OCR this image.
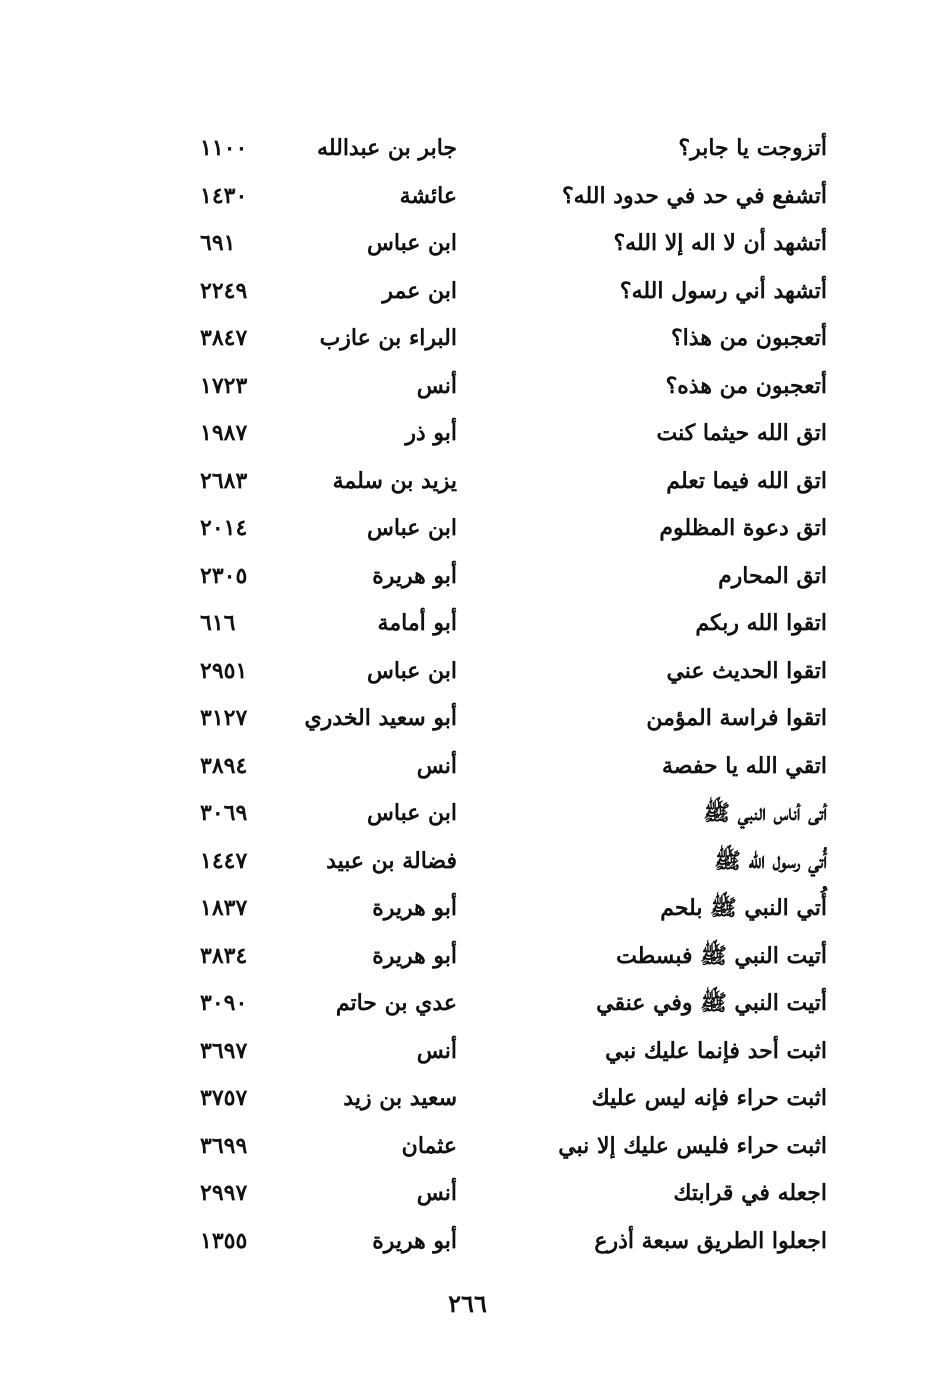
أتزوجت يا جابر؟
جابر بن عبدالله
١١٠٠
أتشفع في حد في حدود الله؟
عائشة
١٤٣٠
أتشهد أن لا اله إلا الله؟
ابن عباس
٦٩١
أتشهد أني رسول الله؟
ابن عمر
٢٢٤٩
أتعجبون من هذا؟
البراء بن عازب
٣٨٤٧
أتعجبون من هذه؟
أنس
١٧٢٣
اتق الله حيثما كنت
أبو ذر
١٩٨٧
اتق الله فيما تعلم
يزيد بن سلمة
٢٦٨٣
اتق دعوة المظلوم
ابن عباس
٢٠١٤
اتق المحارم
أبو هريرة
٢٣٠٥
اتقوا الله ربكم
أبو أمامة
٦١٦
اتقوا الحديث عني
ابن عباس
٢٩٥١
اتقوا فراسة المؤمن
أبو سعيد الخدري
٣١٢٧
اتقي الله يا حفصة
أنس
٣٨٩٤
أتى أناس النبي ﷺ
ابن عباس
٣٠٦٩
أُتي رسول الله ﷺ
فضالة بن عبيد
١٤٤٧
أُتي النبي ﷺ بلحم
أبو هريرة
١٨٣٧
أتيت النبي ﷺ فبسطت
أبو هريرة
٣٨٣٤
أتيت النبي ﷺ وفي عنقي
عدي بن حاتم
٣٠٩٠
اثبت أحد فإنما عليك نبي
أنس
٣٦٩٧
اثبت حراء فإنه ليس عليك
سعيد بن زيد
٣٧٥٧
اثبت حراء فليس عليك إلا نبي
عثمان
٣٦٩٩
اجعله في قرابتك
أنس
٢٩٩٧
اجعلوا الطريق سبعة أذرع
أبو هريرة
١٣٥٥
٢٦٦
